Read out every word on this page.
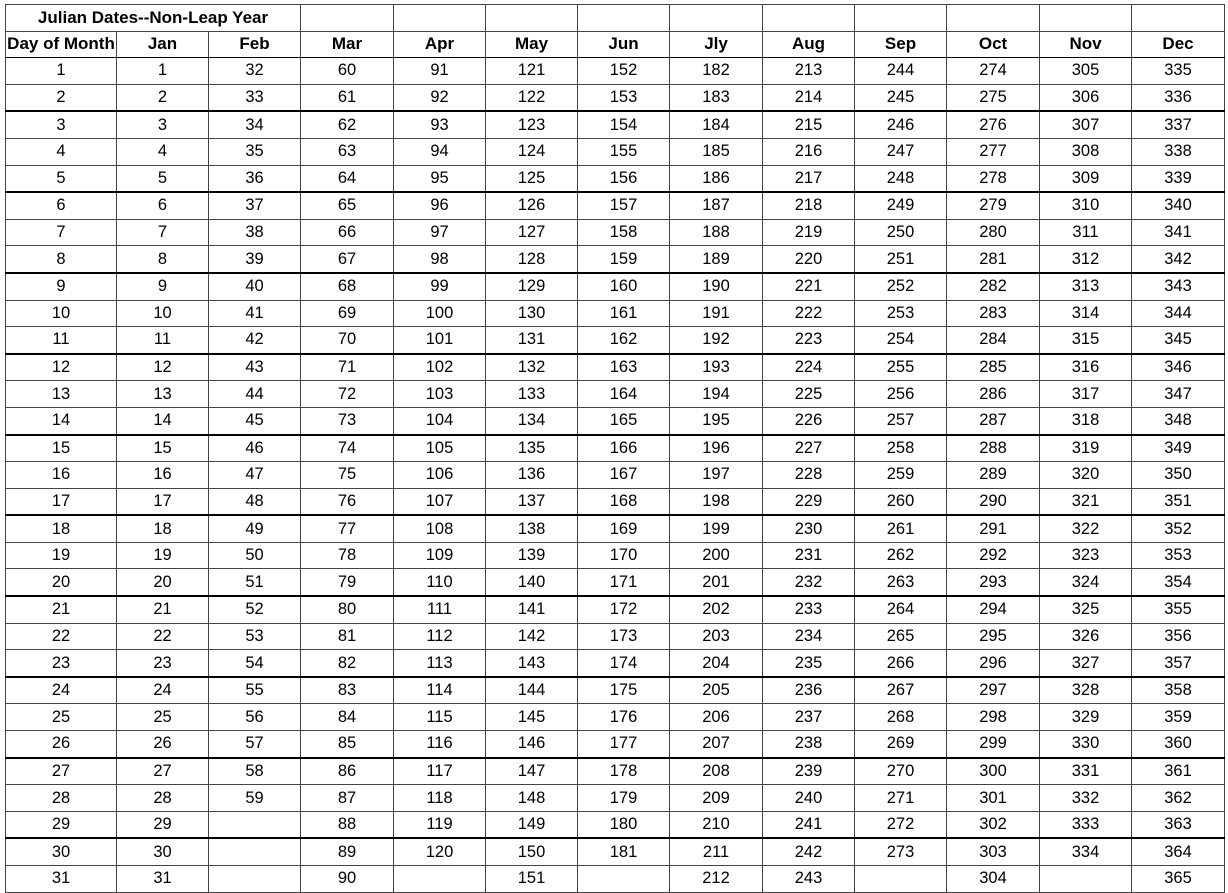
Julian Dates--Non-Leap Year												
Day of Month	Jan	Feb	Mar	Apr	May	Jun	Jly	Aug	Sep	Oct	Nov	Dec
1	1	32	60	91	121	152	182	213	244	274	305	335
2	2	33	61	92	122	153	183	214	245	275	306	336
3	3	34	62	93	123	154	184	215	246	276	307	337
4	4	35	63	94	124	155	185	216	247	277	308	338
5	5	36	64	95	125	156	186	217	248	278	309	339
6	6	37	65	96	126	157	187	218	249	279	310	340
7	7	38	66	97	127	158	188	219	250	280	311	341
8	8	39	67	98	128	159	189	220	251	281	312	342
9	9	40	68	99	129	160	190	221	252	282	313	343
10	10	41	69	100	130	161	191	222	253	283	314	344
11	11	42	70	101	131	162	192	223	254	284	315	345
12	12	43	71	102	132	163	193	224	255	285	316	346
13	13	44	72	103	133	164	194	225	256	286	317	347
14	14	45	73	104	134	165	195	226	257	287	318	348
15	15	46	74	105	135	166	196	227	258	288	319	349
16	16	47	75	106	136	167	197	228	259	289	320	350
17	17	48	76	107	137	168	198	229	260	290	321	351
18	18	49	77	108	138	169	199	230	261	291	322	352
19	19	50	78	109	139	170	200	231	262	292	323	353
20	20	51	79	110	140	171	201	232	263	293	324	354
21	21	52	80	111	141	172	202	233	264	294	325	355
22	22	53	81	112	142	173	203	234	265	295	326	356
23	23	54	82	113	143	174	204	235	266	296	327	357
24	24	55	83	114	144	175	205	236	267	297	328	358
25	25	56	84	115	145	176	206	237	268	298	329	359
26	26	57	85	116	146	177	207	238	269	299	330	360
27	27	58	86	117	147	178	208	239	270	300	331	361
28	28	59	87	118	148	179	209	240	271	301	332	362
29	29		88	119	149	180	210	241	272	302	333	363
30	30		89	120	150	181	211	242	273	303	334	364
31	31		90		151		212	243		304		365
